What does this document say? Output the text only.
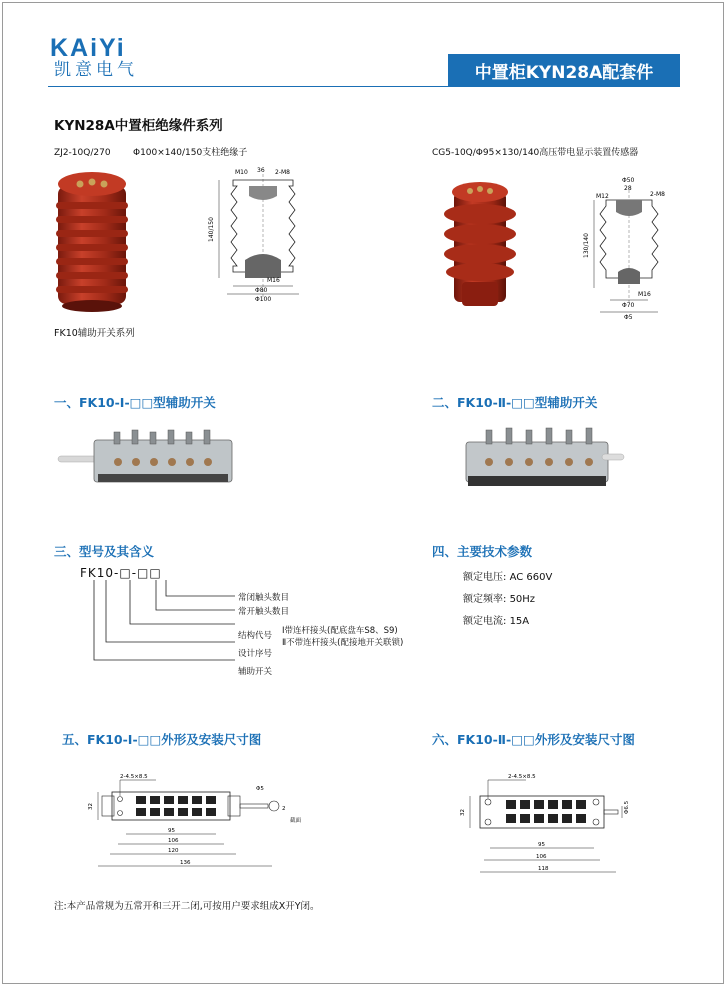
KAiYi
凯意电气	中置柜KYN28A配套件
KYN28A中置柜绝缘件系列
ZJ2-10Q/270 Φ100×140/150支柱绝缘子
M10 36 2-M8
140/150
M16
Φ80
Φ100
CG5-10Q/Φ95×130/140高压带电显示装置传感器
Φ50
28
M12	2-M8
130/140
M16
Φ70
Φ5
FK10辅助开关系列
一、FK10-Ⅰ-□□型辅助开关	二、FK10-Ⅱ-□□型辅助开关
三、型号及其含义
FK10-□-□□
常闭触头数目
常开触头数目
结构代号 Ⅰ带连杆接头(配底盘车S8、S9)
Ⅱ不带连杆接头(配接地开关联锁)
设计序号
辅助开关
四、主要技术参数
额定电压: AC 660V
额定频率: 50Hz
额定电流: 15A
五、FK10-Ⅰ-□□外形及安装尺寸图	六、FK10-Ⅱ-□□外形及安装尺寸图
2-4.5×8.5
95
106
120
136
32
Φ5
2
截面
2-4.5×8.5
95
106
118
32	Φ6.5
注:本产品常规为五常开和三开二闭,可按用户要求组成X开Y闭。
